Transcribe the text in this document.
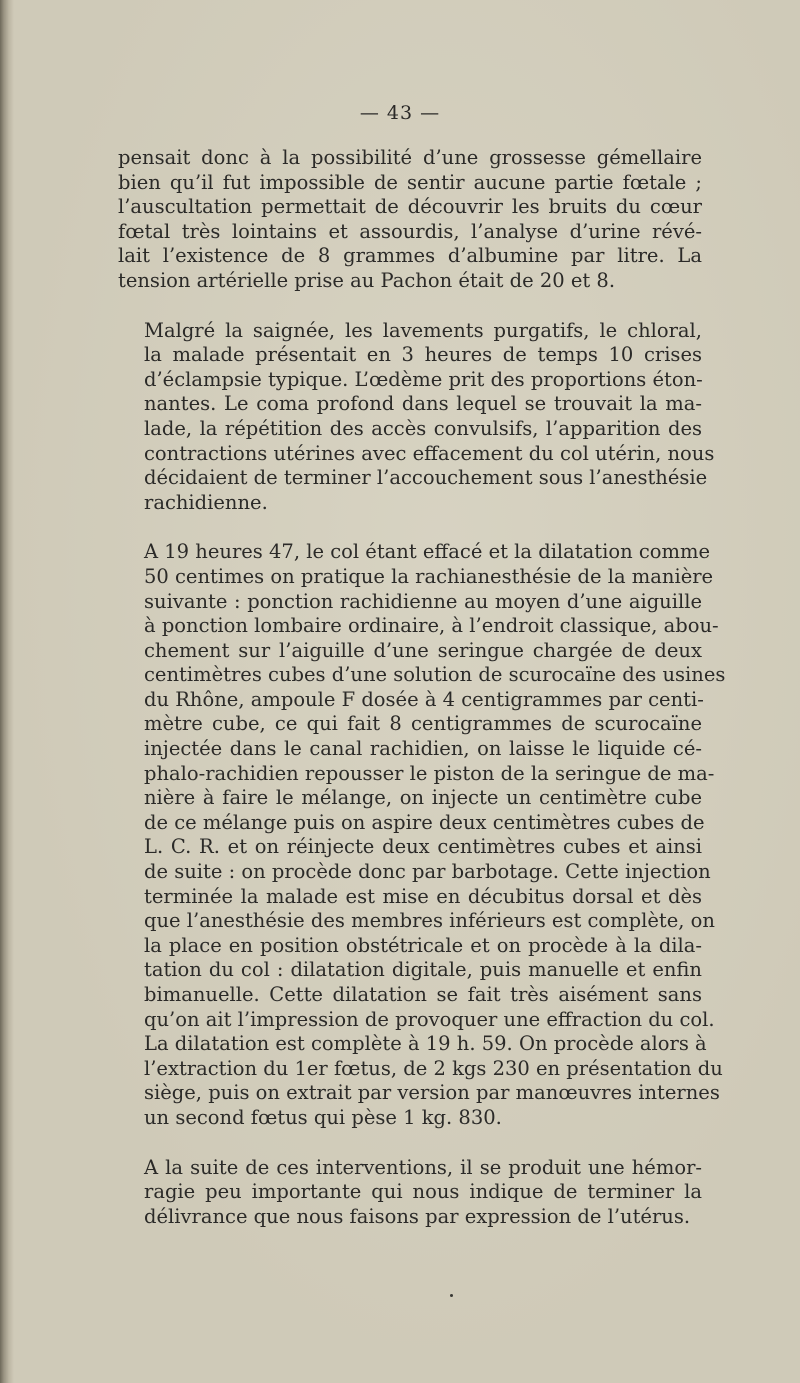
— 43 —

pensait donc à la possibilité d’une grossesse gémellaire
bien qu’il fut impossible de sentir aucune partie fœtale ;
l’auscultation permettait de découvrir les bruits du cœur
fœtal très lointains et assourdis, l’analyse d’urine révé-
lait l’existence de 8 grammes d’albumine par litre. La
tension artérielle prise au Pachon était de 20 et 8.

Malgré la saignée, les lavements purgatifs, le chloral,
la malade présentait en 3 heures de temps 10 crises
d’éclampsie typique. L’œdème prit des proportions éton-
nantes. Le coma profond dans lequel se trouvait la ma-
lade, la répétition des accès convulsifs, l’apparition des
contractions utérines avec effacement du col utérin, nous
décidaient de terminer l’accouchement sous l’anesthésie
rachidienne.

A 19 heures 47, le col étant effacé et la dilatation comme
50 centimes on pratique la rachianesthésie de la manière
suivante : ponction rachidienne au moyen d’une aiguille
à ponction lombaire ordinaire, à l’endroit classique, abou-
chement sur l’aiguille d’une seringue chargée de deux
centimètres cubes d’une solution de scurocaïne des usines
du Rhône, ampoule F dosée à 4 centigrammes par centi-
mètre cube, ce qui fait 8 centigrammes de scurocaïne
injectée dans le canal rachidien, on laisse le liquide cé-
phalo-rachidien repousser le piston de la seringue de ma-
nière à faire le mélange, on injecte un centimètre cube
de ce mélange puis on aspire deux centimètres cubes de
L. C. R. et on réinjecte deux centimètres cubes et ainsi
de suite : on procède donc par barbotage. Cette injection
terminée la malade est mise en décubitus dorsal et dès
que l’anesthésie des membres inférieurs est complète, on
la place en position obstétricale et on procède à la dila-
tation du col : dilatation digitale, puis manuelle et enfin
bimanuelle. Cette dilatation se fait très aisément sans
qu’on ait l’impression de provoquer une effraction du col.
La dilatation est complète à 19 h. 59. On procède alors à
l’extraction du 1er fœtus, de 2 kgs 230 en présentation du
siège, puis on extrait par version par manœuvres internes
un second fœtus qui pèse 1 kg. 830.

A la suite de ces interventions, il se produit une hémor-
ragie peu importante qui nous indique de terminer la
délivrance que nous faisons par expression de l’utérus.
